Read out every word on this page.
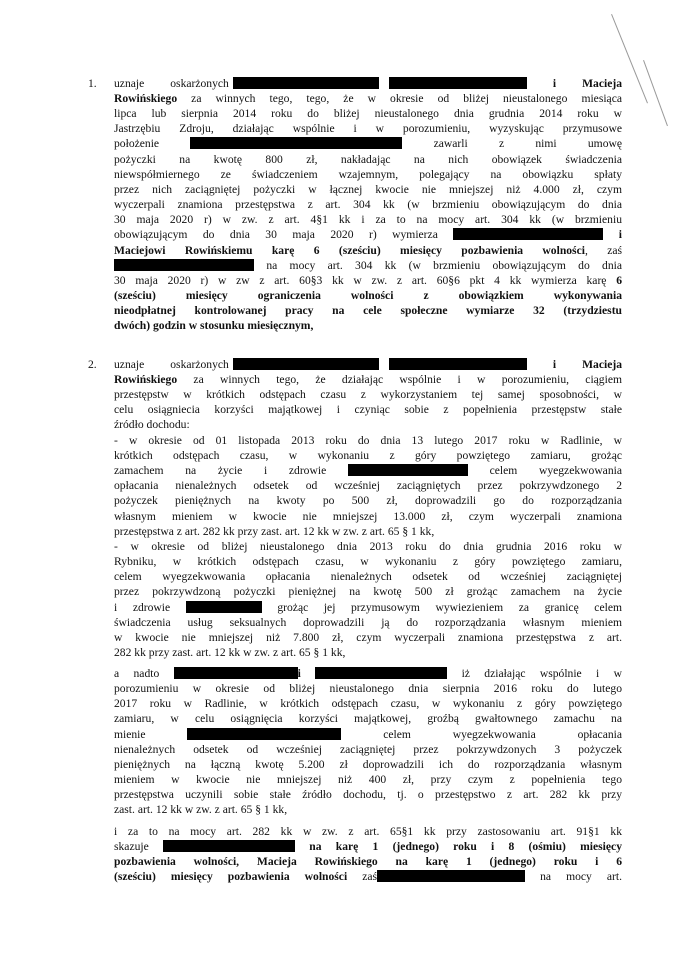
1. uznaje oskarżonych	i Macieja
Rowińskiego za winnych tego, tego, że w okresie od bliżej nieustalonego miesiąca
lipca lub sierpnia 2014 roku do bliżej nieustalonego dnia grudnia 2014 roku w
Jastrzębiu Zdroju, działając wspólnie i w porozumieniu, wyzyskując przymusowe
położenie	zawarli z nimi umowę
pożyczki na kwotę 800 zł, nakładając na nich obowiązek świadczenia
niewspółmiernego ze świadczeniem wzajemnym, polegający na obowiązku spłaty
przez nich zaciągniętej pożyczki w łącznej kwocie nie mniejszej niż 4.000 zł, czym
wyczerpali znamiona przestępstwa z art. 304 kk (w brzmieniu obowiązującym do dnia
30 maja 2020 r) w zw. z art. 4§1 kk i za to na mocy art. 304 kk (w brzmieniu
obowiązującym do dnia 30 maja 2020 r) wymierza	i
Maciejowi Rowińskiemu karę 6 (sześciu) miesięcy pozbawienia wolności, zaś
na mocy art. 304 kk (w brzmieniu obowiązującym do dnia
30 maja 2020 r) w zw z art. 60§3 kk w zw. z art. 60§6 pkt 4 kk wymierza karę 6
(sześciu) miesięcy ograniczenia wolności z obowiązkiem wykonywania
nieodpłatnej kontrolowanej pracy na cele społeczne wymiarze 32 (trzydziestu
dwóch) godzin w stosunku miesięcznym,
2. uznaje oskarżonych	i Macieja
Rowińskiego za winnych tego, że działając wspólnie i w porozumieniu, ciągiem
przestępstw w krótkich odstępach czasu z wykorzystaniem tej samej sposobności, w
celu osiągniecia korzyści majątkowej i czyniąc sobie z popełnienia przestępstw stałe
źródło dochodu:
- w okresie od 01 listopada 2013 roku do dnia 13 lutego 2017 roku w Radlinie, w
krótkich odstępach czasu, w wykonaniu z góry powziętego zamiaru, grożąc
zamachem na życie i zdrowie	celem wyegzekwowania
opłacania nienależnych odsetek od wcześniej zaciągniętych przez pokrzywdzonego 2
pożyczek pieniężnych na kwoty po 500 zł, doprowadzili go do rozporządzania
własnym mieniem w kwocie nie mniejszej 13.000 zł, czym wyczerpali znamiona
przestępstwa z art. 282 kk przy zast. art. 12 kk w zw. z art. 65 § 1 kk,
- w okresie od bliżej nieustalonego dnia 2013 roku do dnia grudnia 2016 roku w
Rybniku, w krótkich odstępach czasu, w wykonaniu z góry powziętego zamiaru,
celem wyegzekwowania opłacania nienależnych odsetek od wcześniej zaciągniętej
przez pokrzywdzoną pożyczki pieniężnej na kwotę 500 zł grożąc zamachem na życie
i zdrowie	grożąc jej przymusowym wywiezieniem za granicę celem
świadczenia usług seksualnych doprowadzili ją do rozporządzania własnym mieniem
w kwocie nie mniejszej niż 7.800 zł, czym wyczerpali znamiona przestępstwa z art.
282 kk przy zast. art. 12 kk w zw. z art. 65 § 1 kk,
a nadto	i	iż działając wspólnie i w
porozumieniu w okresie od bliżej nieustalonego dnia sierpnia 2016 roku do lutego
2017 roku w Radlinie, w krótkich odstępach czasu, w wykonaniu z góry powziętego
zamiaru, w celu osiągnięcia korzyści majątkowej, groźbą gwałtownego zamachu na
mienie	celem wyegzekwowania opłacania
nienależnych odsetek od wcześniej zaciągniętej przez pokrzywdzonych 3 pożyczek
pieniężnych na łączną kwotę 5.200 zł doprowadzili ich do rozporządzania własnym
mieniem w kwocie nie mniejszej niż 400 zł, przy czym z popełnienia tego
przestępstwa uczynili sobie stałe źródło dochodu, tj. o przestępstwo z art. 282 kk przy
zast. art. 12 kk w zw. z art. 65 § 1 kk,
i za to na mocy art. 282 kk w zw. z art. 65§1 kk przy zastosowaniu art. 91§1 kk
skazuje	na karę 1 (jednego) roku i 8 (ośmiu) miesięcy
pozbawienia wolności, Macieja Rowińskiego na karę 1 (jednego) roku i 6
(sześciu) miesięcy pozbawienia wolności zaś	na mocy art.
